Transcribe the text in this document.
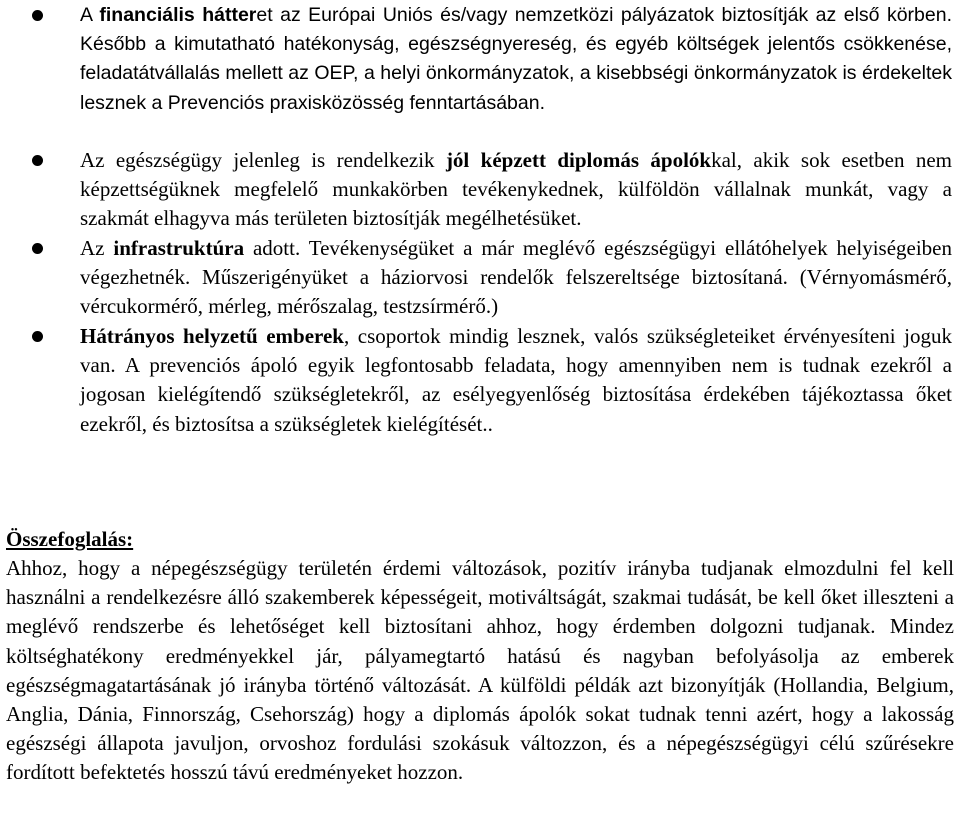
A financiális hátteret az Európai Uniós és/vagy nemzetközi pályázatok biztosítják az első körben. Később a kimutatható hatékonyság, egészségnyereség, és egyéb költségek jelentős csökkenése, feladatátvállalás mellett az OEP, a helyi önkormányzatok, a kisebbségi önkormányzatok is érdekeltek lesznek a Prevenciós praxisközösség fenntartásában.
Az egészségügy jelenleg is rendelkezik jól képzett diplomás ápolókkal, akik sok esetben nem képzettségüknek megfelelő munkakörben tevékenykednek, külföldön vállalnak munkát, vagy a szakmát elhagyva más területen biztosítják megélhetésüket.
Az infrastruktúra adott. Tevékenységüket a már meglévő egészségügyi ellátóhelyek helyiségeiben végezhetnék. Műszerigényüket a háziorvosi rendelők felszereltsége biztosítaná. (Vérnyomásmérő, vércukormérő, mérleg, mérőszalag, testzsírmérő.)
Hátrányos helyzetű emberek, csoportok mindig lesznek, valós szükségleteiket érvényesíteni joguk van. A prevenciós ápoló egyik legfontosabb feladata, hogy amennyiben nem is tudnak ezekről a jogosan kielégítendő szükségletekről, az esélyegyenlőség biztosítása érdekében tájékoztassa őket ezekről, és biztosítsa a szükségletek kielégítését..
Összefoglalás:

Ahhoz, hogy a népegészségügy területén érdemi változások, pozitív irányba tudjanak elmozdulni fel kell használni a rendelkezésre álló szakemberek képességeit, motiváltságát, szakmai tudását, be kell őket illeszteni a meglévő rendszerbe és lehetőséget kell biztosítani ahhoz, hogy érdemben dolgozni tudjanak. Mindez költséghatékony eredményekkel jár, pályamegtartó hatású és nagyban befolyásolja az emberek egészségmagatartásának jó irányba történő változását. A külföldi példák azt bizonyítják (Hollandia, Belgium, Anglia, Dánia, Finnország, Csehország) hogy a diplomás ápolók sokat tudnak tenni azért, hogy a lakosság egészségi állapota javuljon, orvoshoz fordulási szokásuk változzon, és a népegészségügyi célú szűrésekre fordított befektetés hosszú távú eredményeket hozzon.
